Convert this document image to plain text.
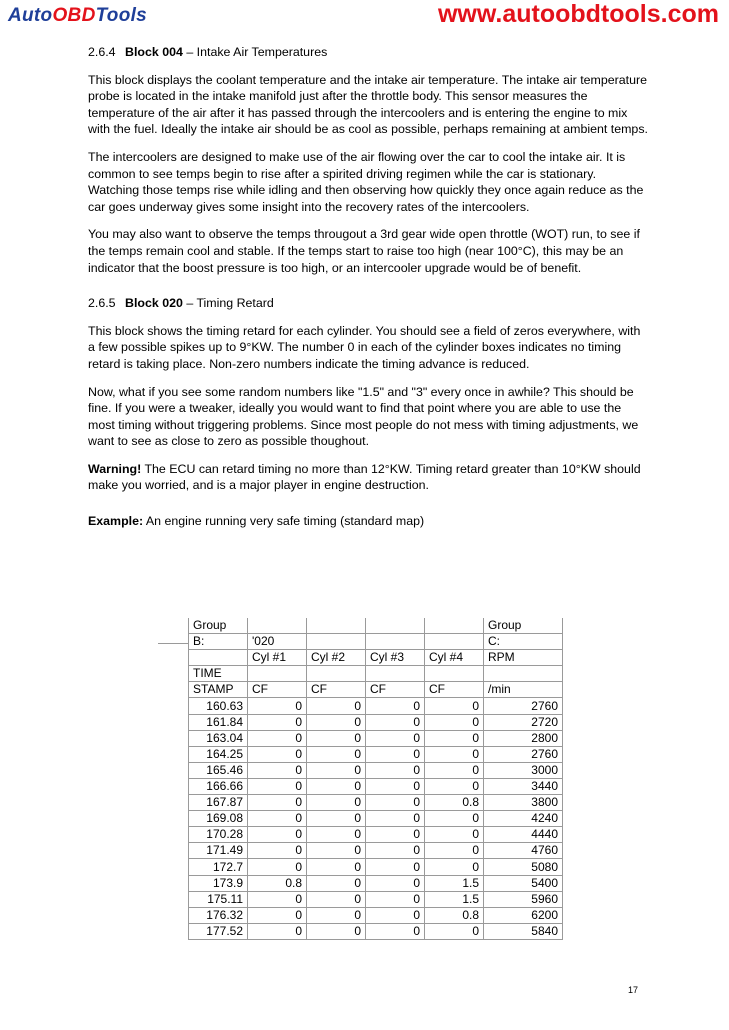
AutoOBDTools	www.autoobdtools.com
2.6.4 Block 004 – Intake Air Temperatures

This block displays the coolant temperature and the intake air temperature. The intake air temperature probe is located in the intake manifold just after the throttle body. This sensor measures the temperature of the air after it has passed through the intercoolers and is entering the engine to mix with the fuel. Ideally the intake air should be as cool as possible, perhaps remaining at ambient temps.

The intercoolers are designed to make use of the air flowing over the car to cool the intake air. It is common to see temps begin to rise after a spirited driving regimen while the car is stationary. Watching those temps rise while idling and then observing how quickly they once again reduce as the car goes underway gives some insight into the recovery rates of the intercoolers.

You may also want to observe the temps througout a 3rd gear wide open throttle (WOT) run, to see if the temps remain cool and stable. If the temps start to raise too high (near 100°C), this may be an indicator that the boost pressure is too high, or an intercooler upgrade would be of benefit.

2.6.5 Block 020 – Timing Retard

This block shows the timing retard for each cylinder. You should see a field of zeros everywhere, with a few possible spikes up to 9°KW. The number 0 in each of the cylinder boxes indicates no timing retard is taking place. Non-zero numbers indicate the timing advance is reduced.

Now, what if you see some random numbers like "1.5" and "3" every once in awhile? This should be fine. If you were a tweaker, ideally you would want to find that point where you are able to use the most timing without triggering problems. Since most people do not mess with timing adjustments, we want to see as close to zero as possible thoughout.

Warning! The ECU can retard timing no more than 12°KW. Timing retard greater than 10°KW should make you worried, and is a major player in engine destruction.

Example: An engine running very safe timing (standard map)

Group					Group
B:	'020				C:
	Cyl #1	Cyl #2	Cyl #3	Cyl #4	RPM
TIME					
STAMP	CF	CF	CF	CF	/min
160.63	0	0	0	0	2760
161.84	0	0	0	0	2720
163.04	0	0	0	0	2800
164.25	0	0	0	0	2760
165.46	0	0	0	0	3000
166.66	0	0	0	0	3440
167.87	0	0	0	0.8	3800
169.08	0	0	0	0	4240
170.28	0	0	0	0	4440
171.49	0	0	0	0	4760
172.7	0	0	0	0	5080
173.9	0.8	0	0	1.5	5400
175.11	0	0	0	1.5	5960
176.32	0	0	0	0.8	6200
177.52	0	0	0	0	5840
17
